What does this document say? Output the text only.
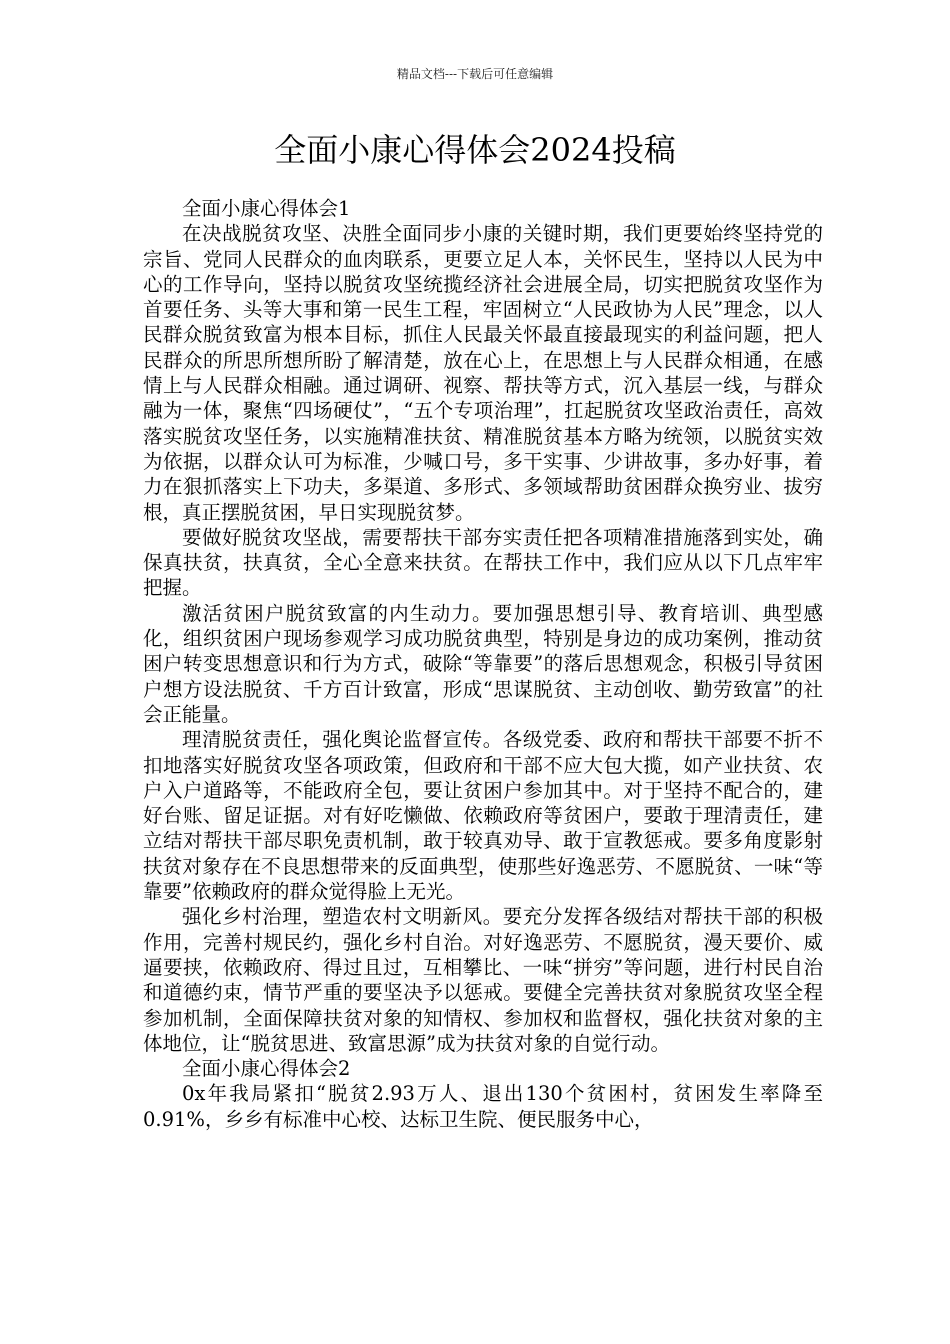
精品文档---下载后可任意编辑
全面小康心得体会2024投稿

全面小康心得体会1

在决战脱贫攻坚、决胜全面同步小康的关键时期，我们更要始终坚持党的宗旨、党同人民群众的血肉联系，更要立足人本，关怀民生，坚持以人民为中心的工作导向，坚持以脱贫攻坚统揽经济社会进展全局，切实把脱贫攻坚作为首要任务、头等大事和第一民生工程，牢固树立“人民政协为人民”理念，以人民群众脱贫致富为根本目标，抓住人民最关怀最直接最现实的利益问题，把人民群众的所思所想所盼了解清楚，放在心上，在思想上与人民群众相通，在感情上与人民群众相融。通过调研、视察、帮扶等方式，沉入基层一线，与群众融为一体，聚焦“四场硬仗”，“五个专项治理”，扛起脱贫攻坚政治责任，高效落实脱贫攻坚任务，以实施精准扶贫、精准脱贫基本方略为统领，以脱贫实效为依据，以群众认可为标准，少喊口号，多干实事、少讲故事，多办好事，着力在狠抓落实上下功夫，多渠道、多形式、多领域帮助贫困群众换穷业、拔穷根，真正摆脱贫困，早日实现脱贫梦。

要做好脱贫攻坚战，需要帮扶干部夯实责任把各项精准措施落到实处，确保真扶贫，扶真贫，全心全意来扶贫。在帮扶工作中，我们应从以下几点牢牢把握。

激活贫困户脱贫致富的内生动力。要加强思想引导、教育培训、典型感化，组织贫困户现场参观学习成功脱贫典型，特别是身边的成功案例，推动贫困户转变思想意识和行为方式，破除“等靠要”的落后思想观念，积极引导贫困户想方设法脱贫、千方百计致富，形成“思谋脱贫、主动创收、勤劳致富”的社会正能量。

理清脱贫责任，强化舆论监督宣传。各级党委、政府和帮扶干部要不折不扣地落实好脱贫攻坚各项政策，但政府和干部不应大包大揽，如产业扶贫、农户入户道路等，不能政府全包，要让贫困户参加其中。对于坚持不配合的，建好台账、留足证据。对有好吃懒做、依赖政府等贫困户，要敢于理清责任，建立结对帮扶干部尽职免责机制，敢于较真劝导、敢于宣教惩戒。要多角度影射扶贫对象存在不良思想带来的反面典型，使那些好逸恶劳、不愿脱贫、一味“等靠要”依赖政府的群众觉得脸上无光。

强化乡村治理，塑造农村文明新风。要充分发挥各级结对帮扶干部的积极作用，完善村规民约，强化乡村自治。对好逸恶劳、不愿脱贫，漫天要价、威逼要挟，依赖政府、得过且过，互相攀比、一味“拼穷”等问题，进行村民自治和道德约束，情节严重的要坚决予以惩戒。要健全完善扶贫对象脱贫攻坚全程参加机制，全面保障扶贫对象的知情权、参加权和监督权，强化扶贫对象的主体地位，让“脱贫思进、致富思源”成为扶贫对象的自觉行动。

全面小康心得体会2

0x年我局紧扣“脱贫2.93万人、退出130个贫困村，贫困发生率降至0.91%，乡乡有标准中心校、达标卫生院、便民服务中心，
